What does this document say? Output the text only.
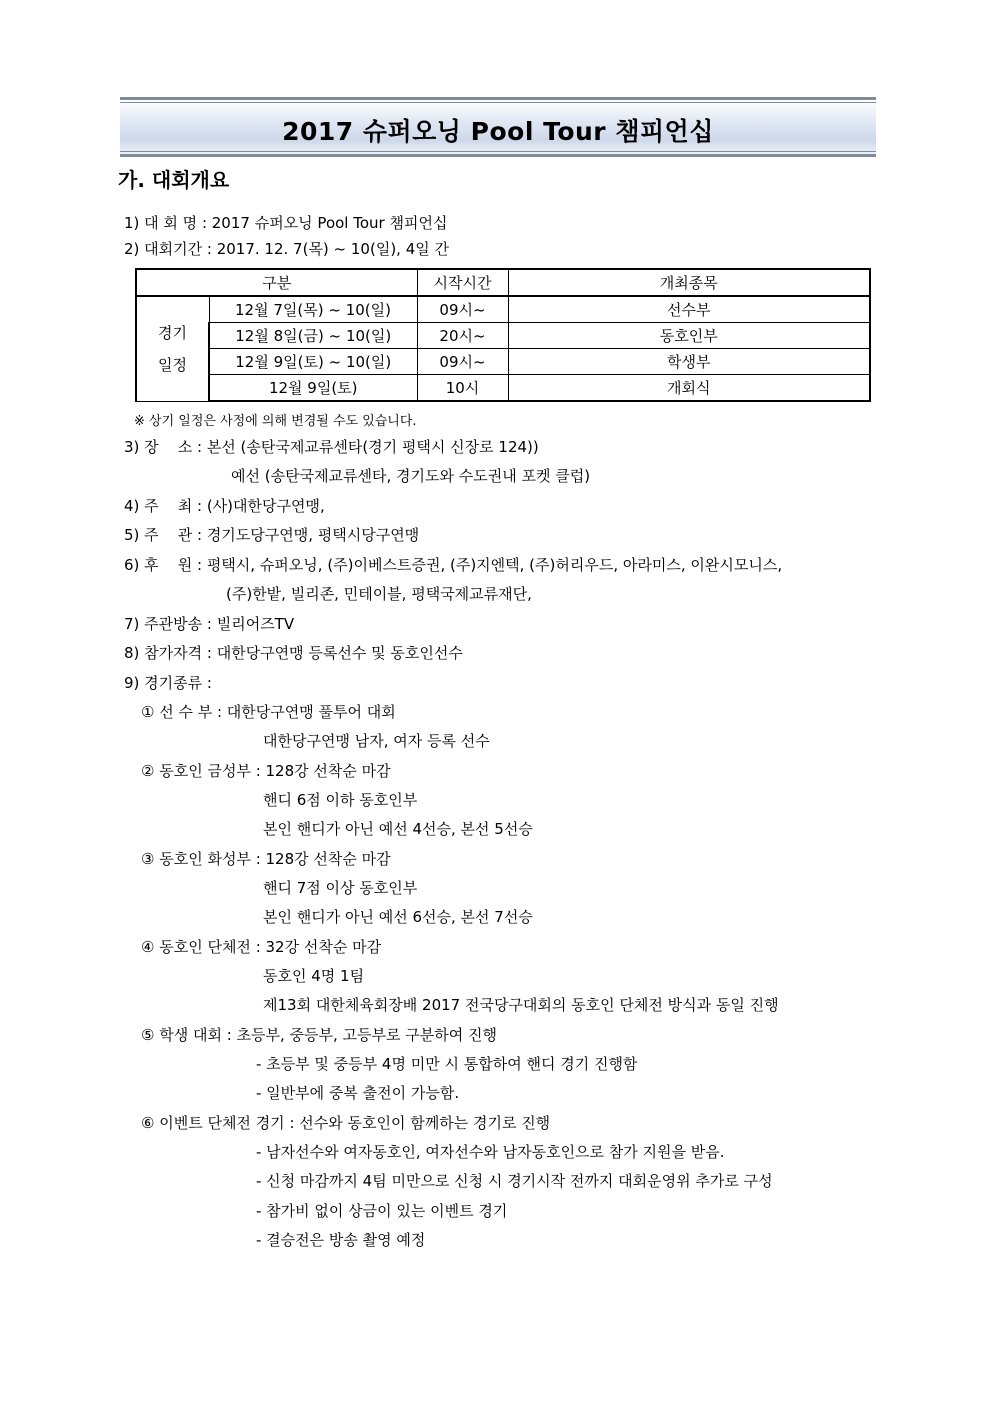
2017 슈퍼오닝 Pool Tour 챔피언십
가. 대회개요
1) 대 회 명 : 2017 슈퍼오닝 Pool Tour 챔피언십
2) 대회기간 : 2017. 12. 7(목) ~ 10(일), 4일 간
구분		시작시간	개최종목

경기
일정	12월 7일(목) ~ 10(일)	09시~	선수부
	12월 8일(금) ~ 10(일)	20시~	동호인부
	12월 9일(토) ~ 10(일)	09시~	학생부
	12월 9일(토)	10시	개회식
※ 상기 일정은 사정에 의해 변경될 수도 있습니다.
3) 장    소 : 본선 (송탄국제교류센타(경기 평택시 신장로 124))
예선 (송탄국제교류센타, 경기도와 수도권내 포켓 클럽)
4) 주    최 : (사)대한당구연맹,
5) 주    관 : 경기도당구연맹, 평택시당구연맹
6) 후    원 : 평택시, 슈퍼오닝, (주)이베스트증권, (주)지엔텍, (주)허리우드, 아라미스, 이완시모니스,
(주)한밭, 빌리존, 민테이블, 평택국제교류재단,
7) 주관방송 : 빌리어즈TV
8) 참가자격 : 대한당구연맹 등록선수 및 동호인선수
9) 경기종류 :
① 선 수 부 : 대한당구연맹 풀투어 대회
대한당구연맹 남자, 여자 등록 선수
② 동호인 금성부 : 128강 선착순 마감
핸디 6점 이하 동호인부
본인 핸디가 아닌 예선 4선승, 본선 5선승
③ 동호인 화성부 : 128강 선착순 마감
핸디 7점 이상 동호인부
본인 핸디가 아닌 예선 6선승, 본선 7선승
④ 동호인 단체전 : 32강 선착순 마감
동호인 4명 1팀
제13회 대한체육회장배 2017 전국당구대회의 동호인 단체전 방식과 동일 진행
⑤ 학생 대회 : 초등부, 중등부, 고등부로 구분하여 진행
- 초등부 및 중등부 4명 미만 시 통합하여 핸디 경기 진행함
- 일반부에 중복 출전이 가능함.
⑥ 이벤트 단체전 경기 : 선수와 동호인이 함께하는 경기로 진행
- 남자선수와 여자동호인, 여자선수와 남자동호인으로 참가 지원을 받음.
- 신청 마감까지 4팀 미만으로 신청 시 경기시작 전까지 대회운영위 추가로 구성
- 참가비 없이 상금이 있는 이벤트 경기
- 결승전은 방송 촬영 예정
